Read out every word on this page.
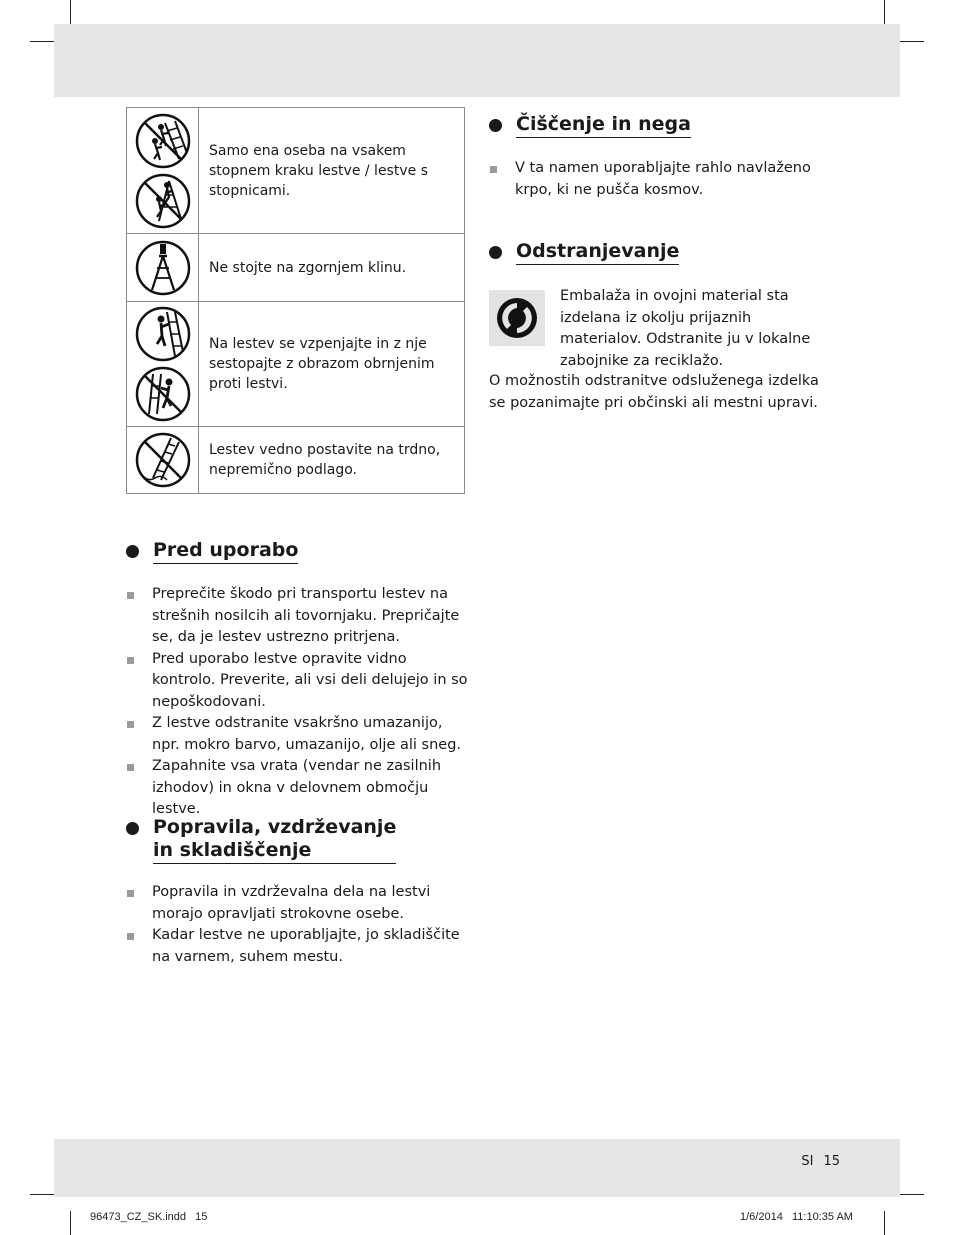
Samo ena oseba na vsakem stopnem kraku lestve / lestve s stopnicami.
Ne stojte na zgornjem klinu.
Na lestev se vzpenjajte in z nje sestopajte z obrazom obrnjenim proti lestvi.
Lestev vedno postavite na trdno, nepremično podlago.
Pred uporabo
Preprečite škodo pri transportu lestev na strešnih nosilcih ali tovornjaku. Prepričajte se, da je lestev ustrezno pritrjena.
Pred uporabo lestve opravite vidno kontrolo. Preverite, ali vsi deli delujejo in so nepoškodovani.
Z lestve odstranite vsakršno umazanijo, npr. mokro barvo, umazanijo, olje ali sneg.
Zapahnite vsa vrata (vendar ne zasilnih izhodov) in okna v delovnem območju lestve.
Popravila, vzdrževanje
in skladiščenje
Popravila in vzdrževalna dela na lestvi morajo opravljati strokovne osebe.
Kadar lestve ne uporabljajte, jo skladiščite na varnem, suhem mestu.
Čiščenje in nega
V ta namen uporabljajte rahlo navlaženo krpo, ki ne pušča kosmov.
Odstranjevanje
Embalaža in ovojni material sta izdelana iz okolju prijaznih materialov. Odstranite ju v lokalne zabojnike za reciklažo.
O možnostih odstranitve odsluženega izdelka se pozanimajte pri občinski ali mestni upravi.
SI 15
96473_CZ_SK.indd   15	1/6/2014   11:10:35 AM
